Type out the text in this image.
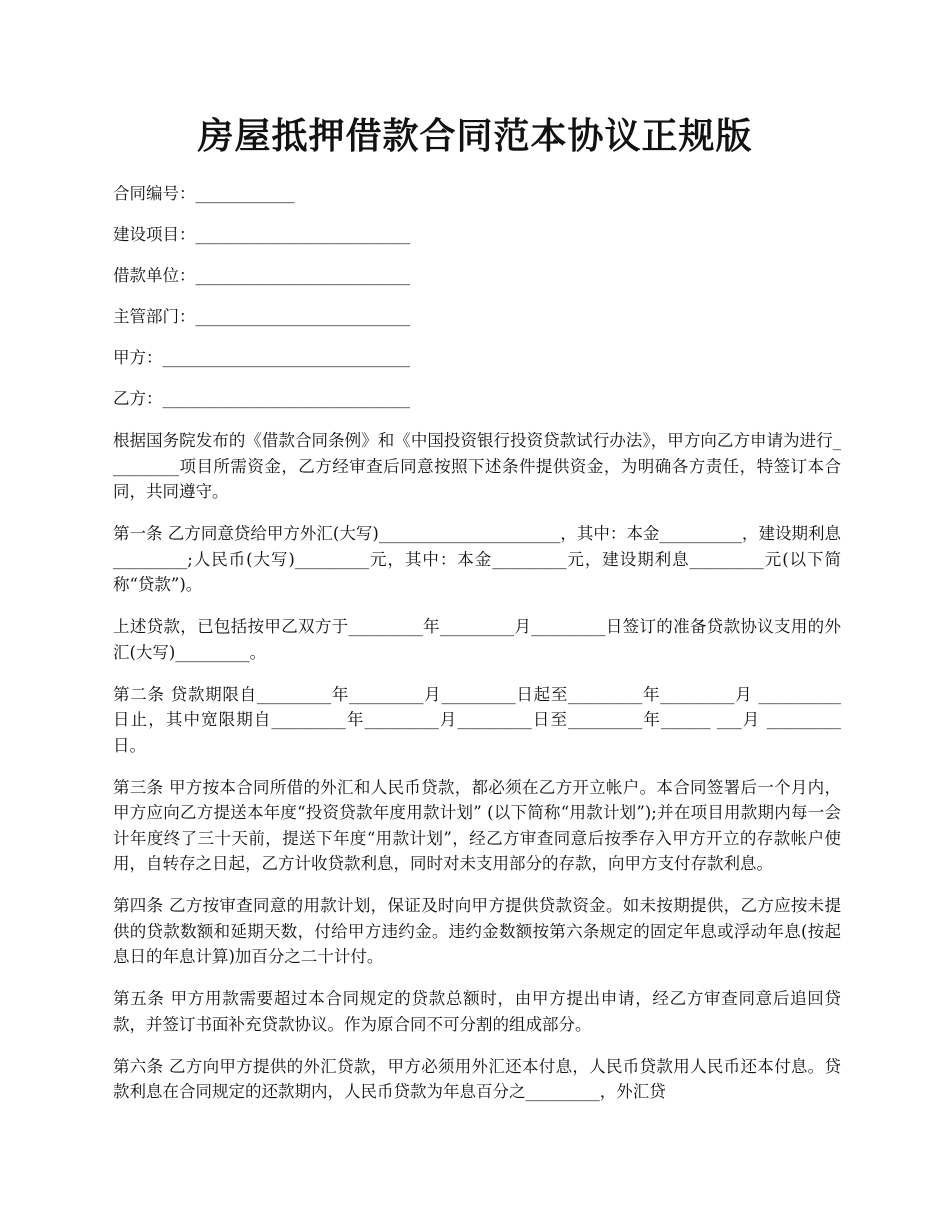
房屋抵押借款合同范本协议正规版
合同编号：____________
建设项目：__________________________
借款单位：__________________________
主管部门：__________________________
甲方：______________________________
乙方：______________________________

根据国务院发布的《借款合同条例》和《中国投资银行投资贷款试行办法》，甲方向乙方申请为进行_________项目所需资金，乙方经审查后同意按照下述条件提供资金，为明确各方责任，特签订本合同，共同遵守。

第一条 乙方同意贷给甲方外汇(大写)______________________，其中：本金__________，建设期利息 _________;人民币(大写)_________元，其中：本金_________元，建设期利息_________元(以下简称“贷款”)。

上述贷款，已包括按甲乙双方于_________年_________月_________日签订的准备贷款协议支用的外汇(大写)_________。

第二条 贷款期限自_________年_________月_________日起至_________年_________月 __________日止，其中宽限期自_________年_________月_________日至_________年______ ___月 _________日。

第三条 甲方按本合同所借的外汇和人民币贷款，都必须在乙方开立帐户。本合同签署后一个月内，甲方应向乙方提送本年度“投资贷款年度用款计划” (以下简称“用款计划”);并在项目用款期内每一会计年度终了三十天前，提送下年度“用款计划”，经乙方审查同意后按季存入甲方开立的存款帐户使用，自转存之日起，乙方计收贷款利息，同时对未支用部分的存款，向甲方支付存款利息。

第四条 乙方按审查同意的用款计划，保证及时向甲方提供贷款资金。如未按期提供，乙方应按未提供的贷款数额和延期天数，付给甲方违约金。违约金数额按第六条规定的固定年息或浮动年息(按起息日的年息计算)加百分之二十计付。

第五条 甲方用款需要超过本合同规定的贷款总额时，由甲方提出申请，经乙方审查同意后追回贷款，并签订书面补充贷款协议。作为原合同不可分割的组成部分。

第六条 乙方向甲方提供的外汇贷款，甲方必须用外汇还本付息，人民币贷款用人民币还本付息。贷款利息在合同规定的还款期内，人民币贷款为年息百分之_________，外汇贷
